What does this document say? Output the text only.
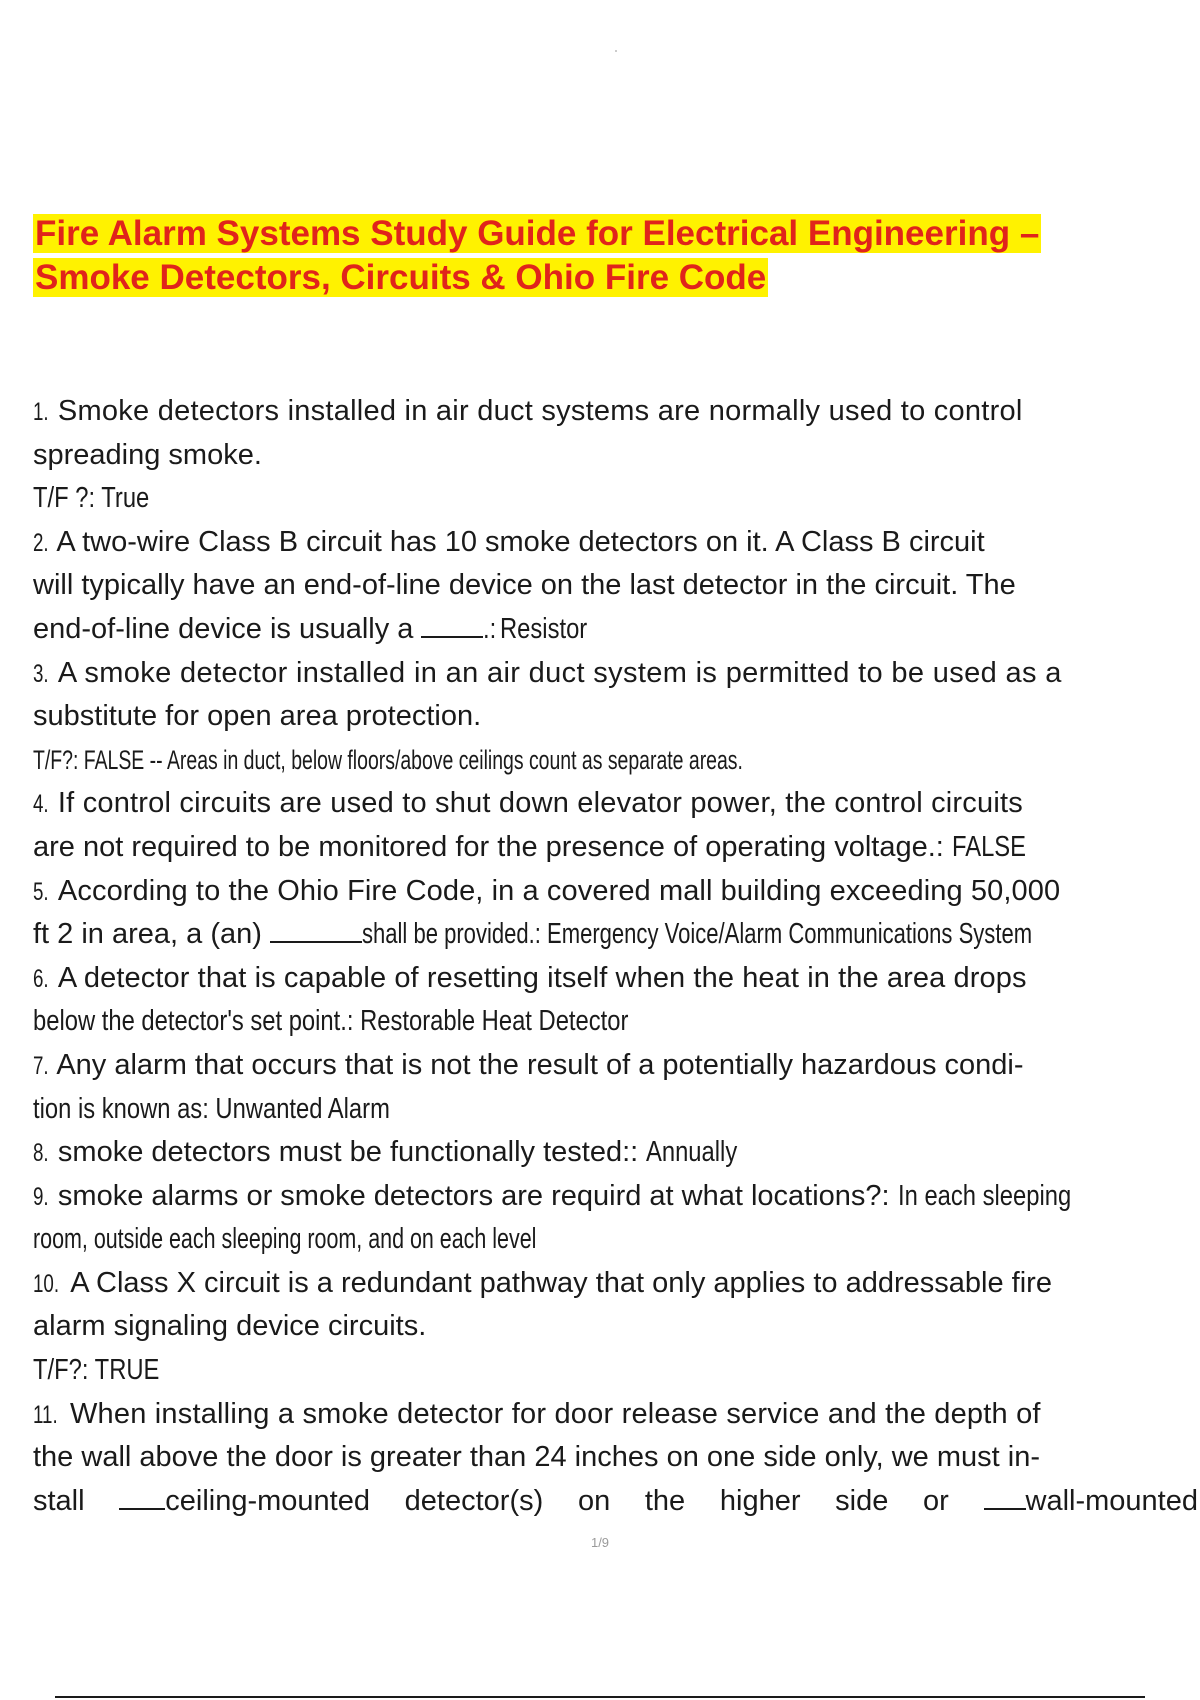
Fire Alarm Systems Study Guide for Electrical Engineering –
Smoke Detectors, Circuits & Ohio Fire Code
1. Smoke detectors installed in air duct systems are normally used to control
spreading smoke.
T/F ?: True
2. A two-wire Class B circuit has 10 smoke detectors on it. A Class B circuit
will typically have an end-of-line device on the last detector in the circuit. The
end-of-line device is usually a .:Resistor
3. A smoke detector installed in an air duct system is permitted to be used as a
substitute for open area protection.
T/F?: FALSE -- Areas in duct, below floors/above ceilings count as separate areas.
4. If control circuits are used to shut down elevator power, the control circuits
are not required to be monitored for the presence of operating voltage.: FALSE
5. According to the Ohio Fire Code, in a covered mall building exceeding 50,000
ft 2 in area, a (an)	shall be provided.: Emergency Voice/Alarm Communications System
6. A detector that is capable of resetting itself when the heat in the area drops
below the detector's set point.: Restorable Heat Detector
7. Any alarm that occurs that is not the result of a potentially hazardous condi-
tion is known as: Unwanted Alarm
8. smoke detectors must be functionally tested:: Annually
9. smoke alarms or smoke detectors are requird at what locations?: In each sleeping
room, outside each sleeping room, and on each level
10. A Class X circuit is a redundant pathway that only applies to addressable fire
alarm signaling device circuits.
T/F?: TRUE
11. When installing a smoke detector for door release service and the depth of
the wall above the door is greater than 24 inches on one side only, we must in-
stall	ceiling-mounted detector(s) on the higher side or	wall-mounted
1/9
